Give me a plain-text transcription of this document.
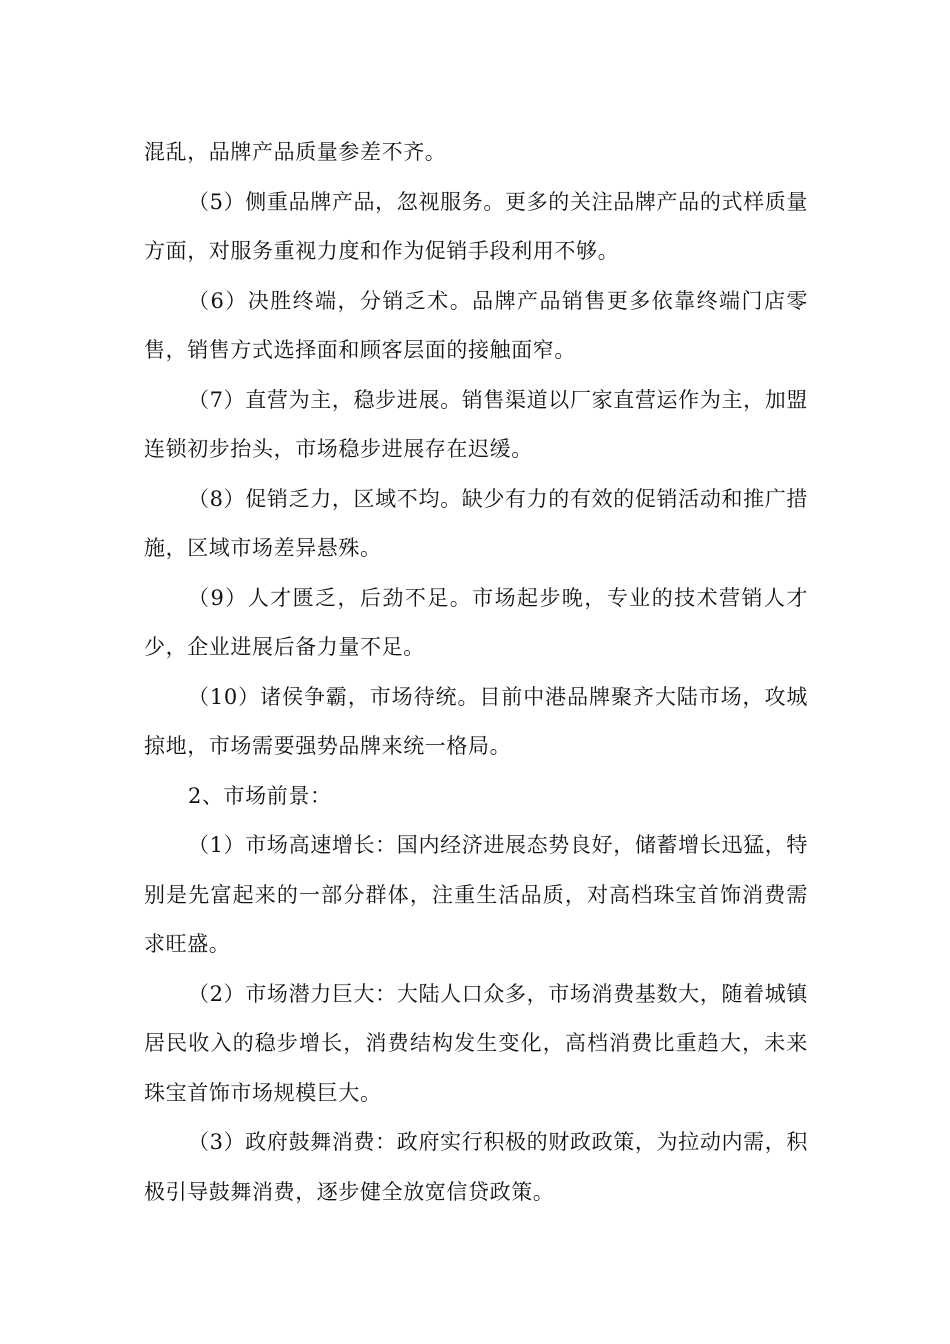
混乱，品牌产品质量参差不齐。

（5）侧重品牌产品，忽视服务。更多的关注品牌产品的式样质量方面，对服务重视力度和作为促销手段利用不够。

（6）决胜终端，分销乏术。品牌产品销售更多依靠终端门店零售，销售方式选择面和顾客层面的接触面窄。

（7）直营为主，稳步进展。销售渠道以厂家直营运作为主，加盟连锁初步抬头，市场稳步进展存在迟缓。

（8）促销乏力，区域不均。缺少有力的有效的促销活动和推广措施，区域市场差异悬殊。

（9）人才匮乏，后劲不足。市场起步晚，专业的技术营销人才少，企业进展后备力量不足。

（10）诸侯争霸，市场待统。目前中港品牌聚齐大陆市场，攻城掠地，市场需要强势品牌来统一格局。

2、市场前景：

（1）市场高速增长：国内经济进展态势良好，储蓄增长迅猛，特别是先富起来的一部分群体，注重生活品质，对高档珠宝首饰消费需求旺盛。

（2）市场潜力巨大：大陆人口众多，市场消费基数大，随着城镇居民收入的稳步增长，消费结构发生变化，高档消费比重趋大，未来珠宝首饰市场规模巨大。

（3）政府鼓舞消费：政府实行积极的财政政策，为拉动内需，积极引导鼓舞消费，逐步健全放宽信贷政策。
